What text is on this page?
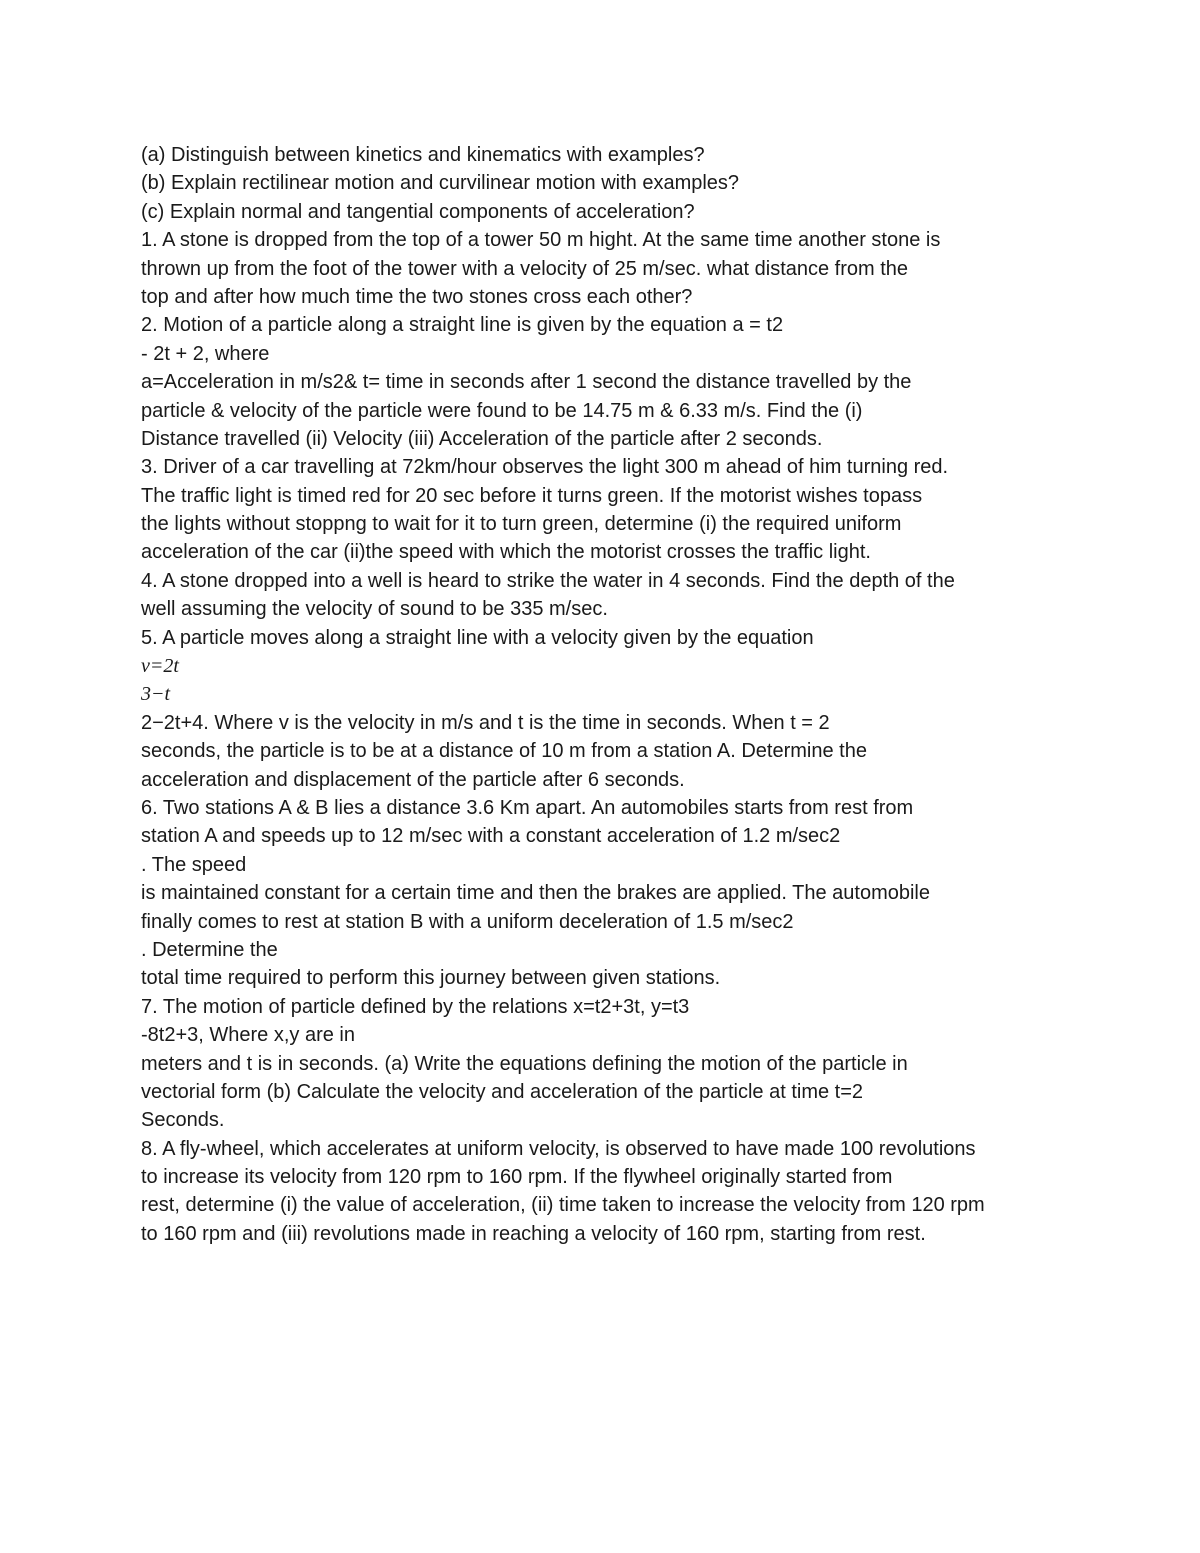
(a) Distinguish between kinetics and kinematics with examples?
(b) Explain rectilinear motion and curvilinear motion with examples?
(c) Explain normal and tangential components of acceleration?
1. A stone is dropped from the top of a tower 50 m hight. At the same time another stone is
thrown up from the foot of the tower with a velocity of 25 m/sec. what distance from the
top and after how much time the two stones cross each other?
2. Motion of a particle along a straight line is given by the equation a = t2
- 2t + 2, where
a=Acceleration in m/s2& t= time in seconds after 1 second the distance travelled by the
particle & velocity of the particle were found to be 14.75 m & 6.33 m/s. Find the (i)
Distance travelled (ii) Velocity (iii) Acceleration of the particle after 2 seconds.
3. Driver of a car travelling at 72km/hour observes the light 300 m ahead of him turning red.
The traffic light is timed red for 20 sec before it turns green. If the motorist wishes topass
the lights without stoppng to wait for it to turn green, determine (i) the required uniform
acceleration of the car (ii)the speed with which the motorist crosses the traffic light.
4. A stone dropped into a well is heard to strike the water in 4 seconds. Find the depth of the
well assuming the velocity of sound to be 335 m/sec.
5. A particle moves along a straight line with a velocity given by the equation
v=2t
3−t
2−2t+4. Where v is the velocity in m/s and t is the time in seconds. When t = 2
seconds, the particle is to be at a distance of 10 m from a station A. Determine the
acceleration and displacement of the particle after 6 seconds.
6. Two stations A & B lies a distance 3.6 Km apart. An automobiles starts from rest from
station A and speeds up to 12 m/sec with a constant acceleration of 1.2 m/sec2
. The speed
is maintained constant for a certain time and then the brakes are applied. The automobile
finally comes to rest at station B with a uniform deceleration of 1.5 m/sec2
. Determine the
total time required to perform this journey between given stations.
7. The motion of particle defined by the relations x=t2+3t, y=t3
-8t2+3, Where x,y are in
meters and t is in seconds. (a) Write the equations defining the motion of the particle in
vectorial form (b) Calculate the velocity and acceleration of the particle at time t=2
Seconds.
8. A fly-wheel, which accelerates at uniform velocity, is observed to have made 100 revolutions
to increase its velocity from 120 rpm to 160 rpm. If the flywheel originally started from
rest, determine (i) the value of acceleration, (ii) time taken to increase the velocity from 120 rpm
to 160 rpm and (iii) revolutions made in reaching a velocity of 160 rpm, starting from rest.
